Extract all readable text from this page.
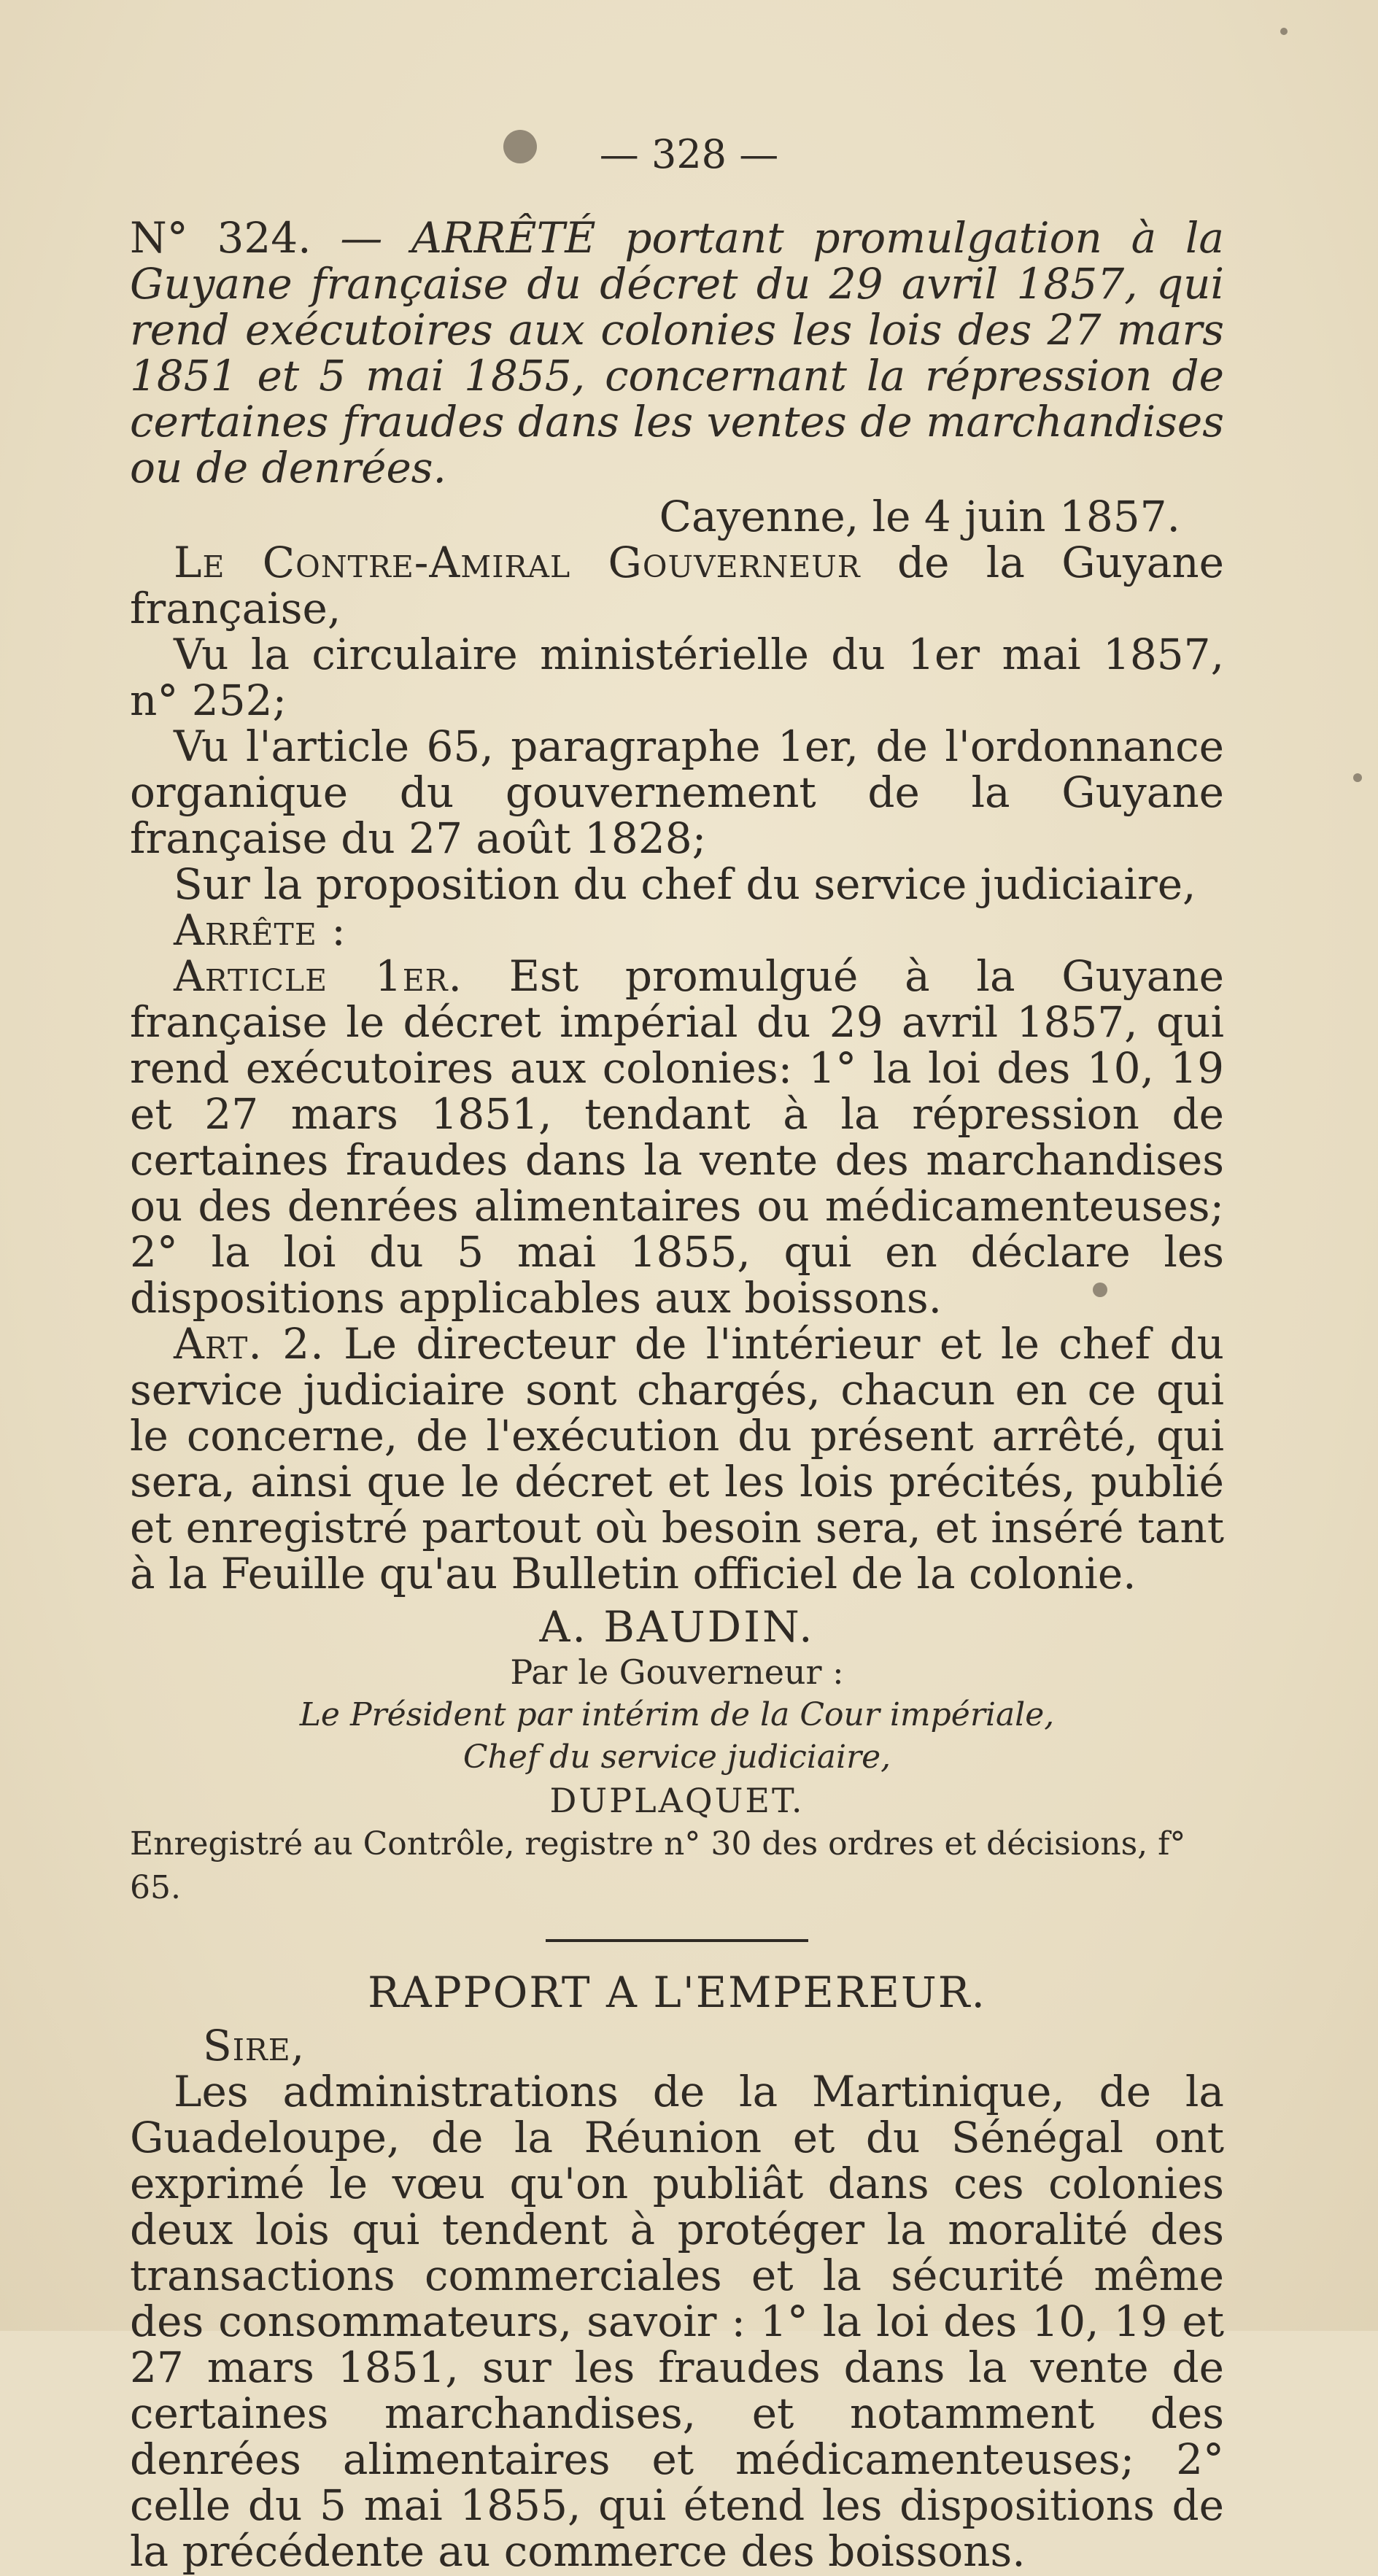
— 328 —

N° 324. — ARRÊTÉ portant promulgation à la Guyane française du décret du 29 avril 1857, qui rend exécutoires aux colonies les lois des 27 mars 1851 et 5 mai 1855, concernant la répression de certaines fraudes dans les ventes de marchandises ou de denrées.

Cayenne, le 4 juin 1857.

Le Contre-Amiral Gouverneur de la Guyane française,

Vu la circulaire ministérielle du 1er mai 1857, n° 252;

Vu l'article 65, paragraphe 1er, de l'ordonnance organique du gouvernement de la Guyane française du 27 août 1828;

Sur la proposition du chef du service judiciaire,

Arrête :

Article 1er. Est promulgué à la Guyane française le décret impérial du 29 avril 1857, qui rend exécutoires aux colonies: 1° la loi des 10, 19 et 27 mars 1851, tendant à la répression de certaines fraudes dans la vente des marchandises ou des denrées alimentaires ou médicamenteuses; 2° la loi du 5 mai 1855, qui en déclare les dispositions applicables aux boissons.

Art. 2. Le directeur de l'intérieur et le chef du service judiciaire sont chargés, chacun en ce qui le concerne, de l'exécution du présent arrêté, qui sera, ainsi que le décret et les lois précités, publié et enregistré partout où besoin sera, et inséré tant à la Feuille qu'au Bulletin officiel de la colonie.

A. BAUDIN.

Par le Gouverneur :

Le Président par intérim de la Cour impériale,

Chef du service judiciaire,

DUPLAQUET.

Enregistré au Contrôle, registre n° 30 des ordres et décisions, f° 65.

RAPPORT A L'EMPEREUR.

Sire,

Les administrations de la Martinique, de la Guadeloupe, de la Réunion et du Sénégal ont exprimé le vœu qu'on publiât dans ces colonies deux lois qui tendent à protéger la moralité des transactions commerciales et la sécurité même des consommateurs, savoir : 1° la loi des 10, 19 et 27 mars 1851, sur les fraudes dans la vente de certaines marchandises, et notamment des denrées alimentaires et médicamenteuses; 2° celle du 5 mai 1855, qui étend les dispositions de la précédente au commerce des boissons.
